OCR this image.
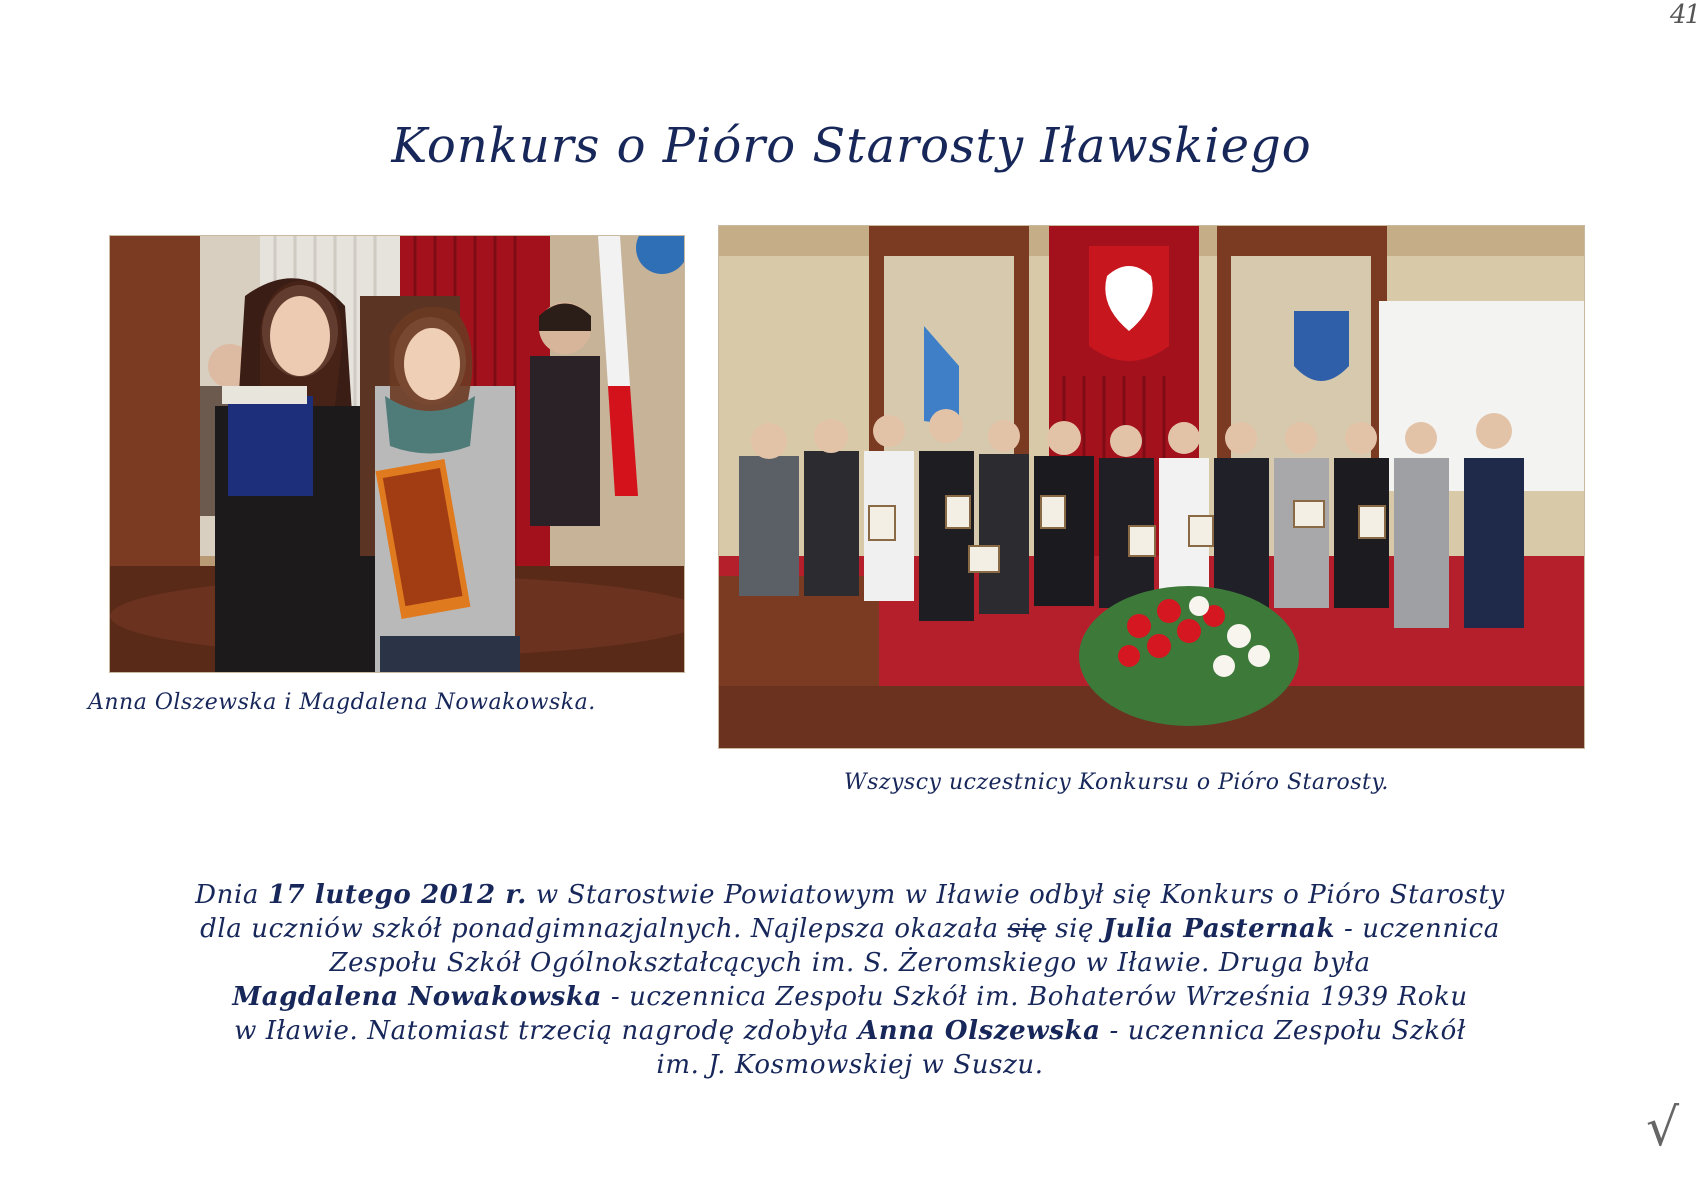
41
Konkurs o Pióro Starosty Iławskiego
Anna Olszewska i Magdalena Nowakowska.
Wszyscy uczestnicy Konkursu o Pióro Starosty.
Dnia 17 lutego 2012 r. w Starostwie Powiatowym w Iławie odbył się Konkurs o Pióro Starosty
dla uczniów szkół ponadgimnazjalnych. Najlepsza okazała się się Julia Pasternak - uczennica
Zespołu Szkół Ogólnokształcących im. S. Żeromskiego w Iławie. Druga była
Magdalena Nowakowska - uczennica Zespołu Szkół im. Bohaterów Września 1939 Roku
w Iławie. Natomiast trzecią nagrodę zdobyła Anna Olszewska - uczennica Zespołu Szkół
im. J. Kosmowskiej w Suszu.
√
